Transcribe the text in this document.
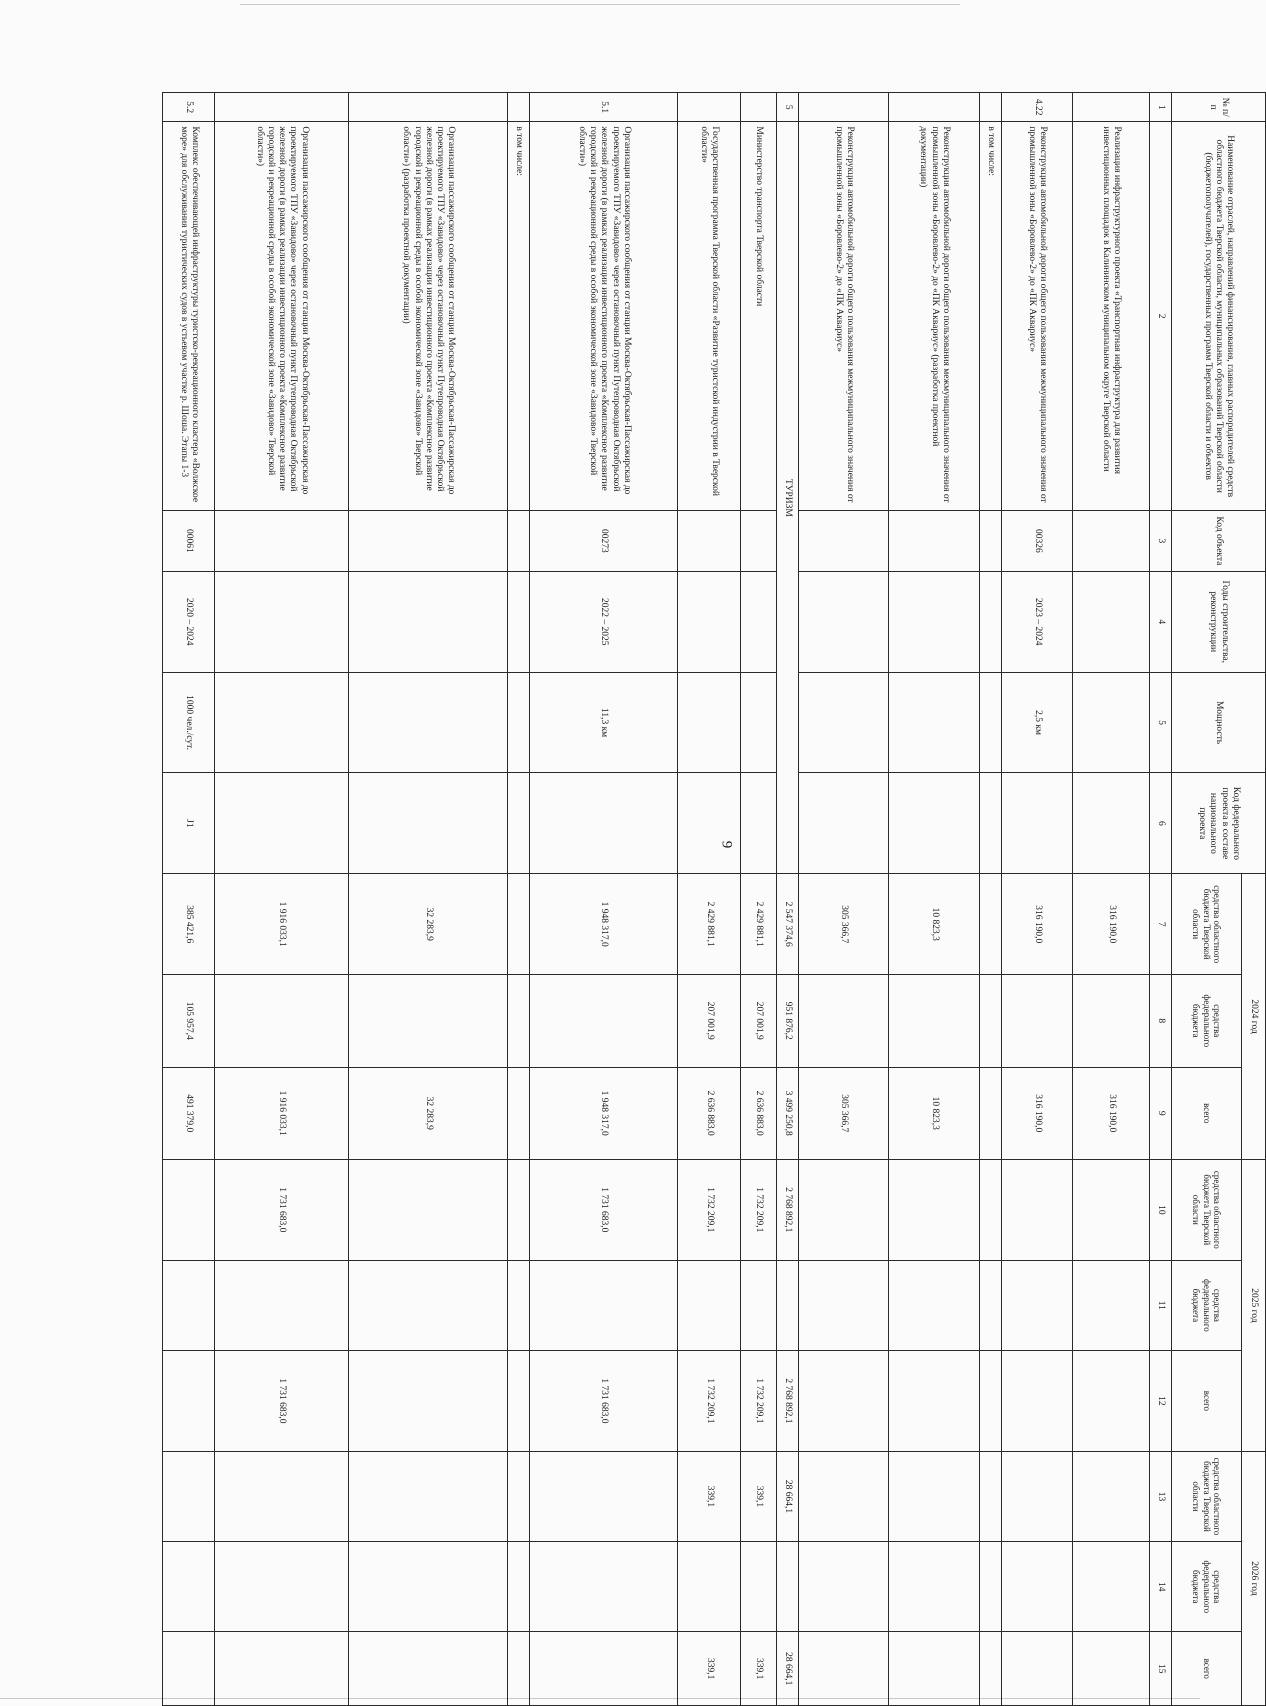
9
№ п/п	Наименование отраслей, направлений финансирования, главных распорядителей средств областного бюджета Тверской области, муниципальных образований Тверской области (бюджетополучателей), государственных программ Тверской области и объектов	Код объекта	Годы строительства, реконструкции	Мощность	Код федерального проекта в составе национального проекта	2024 год			2025 год			2026 год		
						средства областного бюджета Тверской области	средства федерального бюджета	всего	средства областного бюджета Тверской области	средства федерального бюджета	всего	средства областного бюджета Тверской области	средства федерального бюджета	всего
1	2	3	4	5	6	7	8	9	10	11	12	13	14	15
	Реализация инфраструктурного проекта «Транспортная инфраструктура для развития инвестиционных площадок в Калининском муниципальном округе Тверской области					316 190,0		316 190,0						
4.22	Реконструкция автомобильной дороги общего пользования межмуниципального значения от промышленной зоны «Боровлево-2» до «ПК Аквариус»	00326	2023 – 2024	2,5 км		316 190,0		316 190,0						
	в том числе:													
	Реконструкция автомобильной дороги общего пользования межмуниципального значения от промышленной зоны «Боровлево-2» до «ПК Аквариус» (разработка проектной документации)					10 823,3		10 823,3						
	Реконструкция автомобильной дороги общего пользования межмуниципального значения от промышленной зоны «Боровлево-2» до «ПК Аквариус»					305 366,7		305 366,7						
5	ТУРИЗМ					2 547 374,6	951 876,2	3 499 250,8	2 768 892,1		2 768 892,1	28 664,1		28 664,1
	Министерство транспорта Тверской области					2 429 881,1	207 001,9	2 636 883,0	1 732 209,1		1 732 209,1	339,1		339,1
	Государственная программа Тверской области «Развитие туристской индустрии в Тверской области»					2 429 881,1	207 001,9	2 636 883,0	1 732 209,1		1 732 209,1	339,1		339,1
5.1	Организация пассажирского сообщения от станции Москва-Октябрьская-Пассажирская до проектируемого ТПУ «Завидово» через остановочный пункт Путепроводная Октябрьской железной дороги (в рамках реализации инвестиционного проекта «Комплексное развитие городской и рекреационной среды в особой экономической зоне «Завидово» Тверской области»)	00273	2022 – 2025	11,3 км		1 948 317,0		1 948 317,0	1 731 683,0		1 731 683,0			
	в том числе:													
	Организация пассажирского сообщения от станции Москва-Октябрьская-Пассажирская до проектируемого ТПУ «Завидово» через остановочный пункт Путепроводная Октябрьской железной дороги (в рамках реализации инвестиционного проекта «Комплексное развитие городской и рекреационной среды в особой экономической зоне «Завидово» Тверской области») (разработка проектной документации)					32 283,9		32 283,9						
	Организация пассажирского сообщения от станции Москва-Октябрьская-Пассажирская до проектируемого ТПУ «Завидово» через остановочный пункт Путепроводная Октябрьской железной дороги (в рамках реализации инвестиционного проекта «Комплексное развитие городской и рекреационной среды в особой экономической зоне «Завидово» Тверской области»)					1 916 033,1		1 916 033,1	1 731 683,0		1 731 683,0			
5.2	Комплекс обеспечивающей инфраструктуры туристско-рекреационного кластера «Волжское море» для обслуживания туристических судов в устьевом участке р. Шоша. Этапы 1-3	00061	2020 – 2024	1000 чел./сут.	J1	385 421,6	105 957,4	491 379,0						
